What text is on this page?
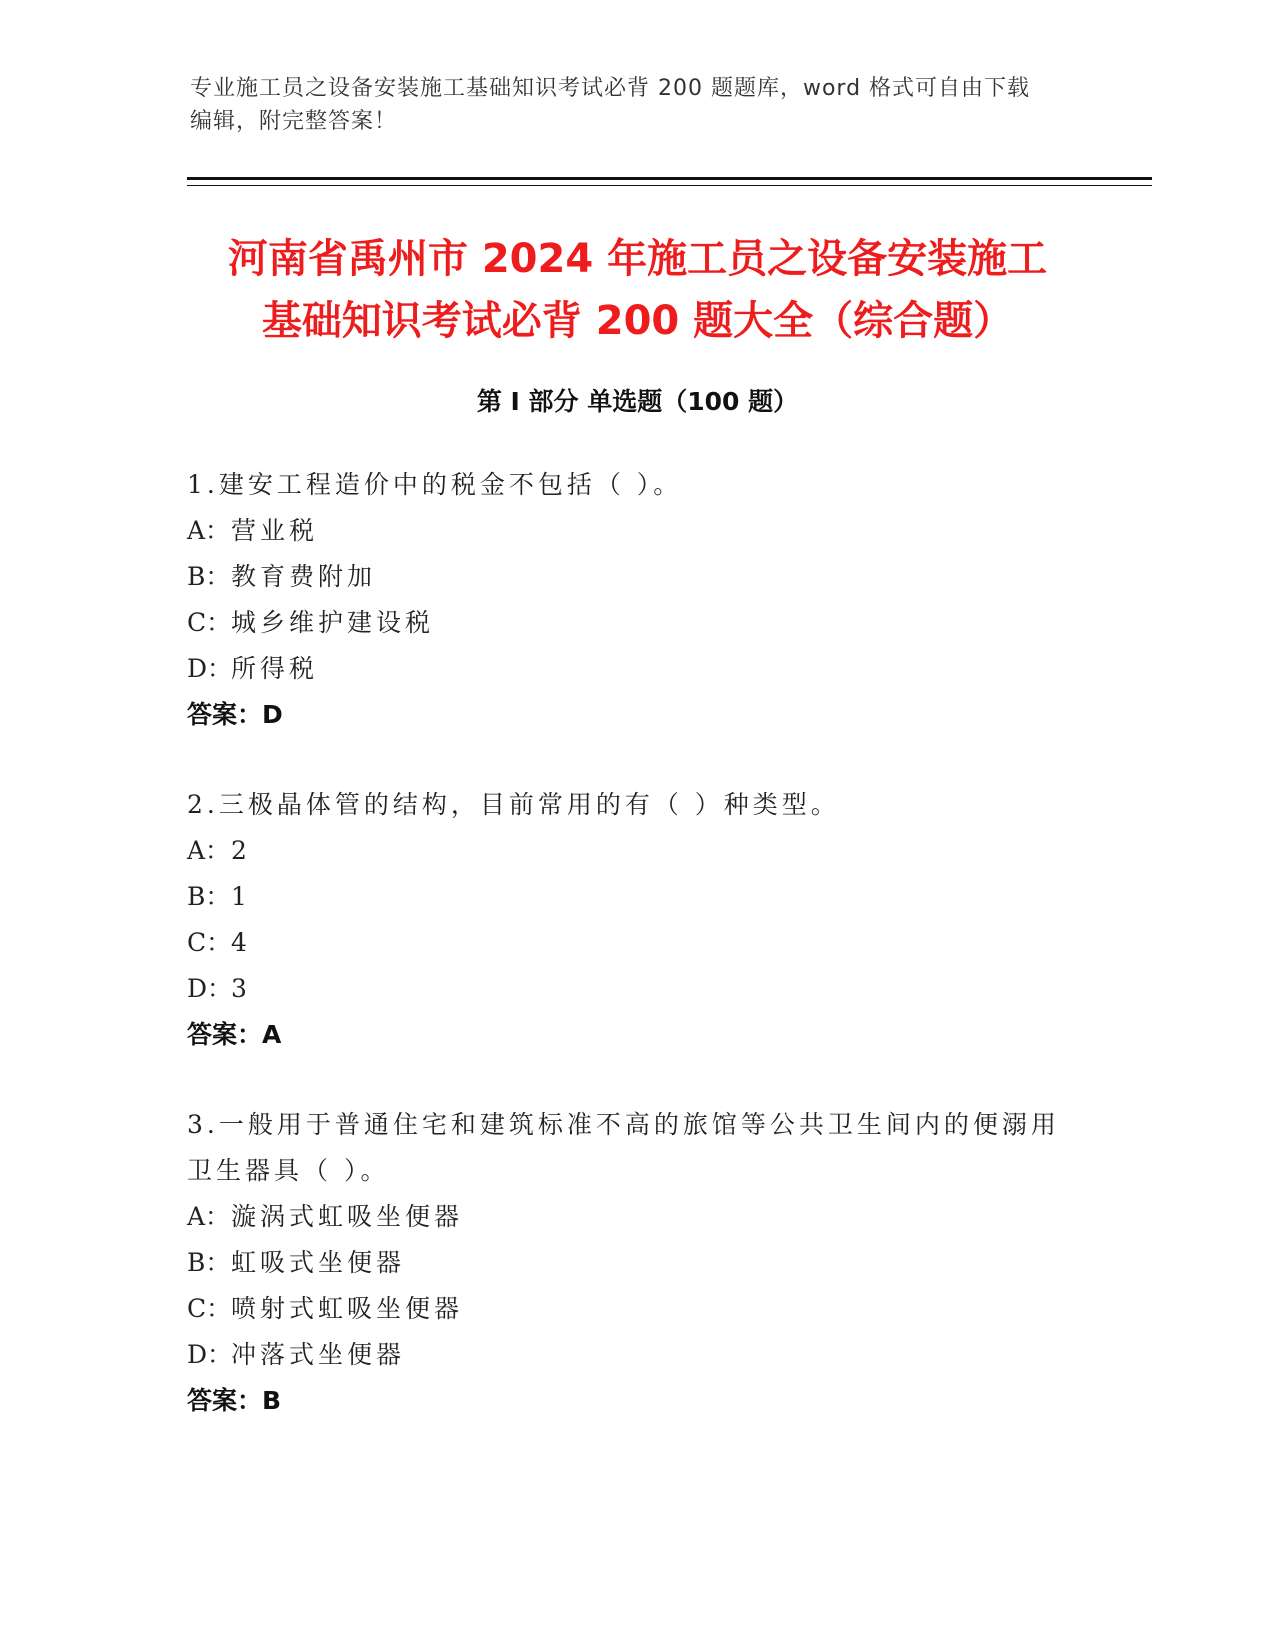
专业施工员之设备安装施工基础知识考试必背 200 题题库，word 格式可自由下载
编辑，附完整答案！
河南省禹州市 2024 年施工员之设备安装施工
基础知识考试必背 200 题大全（综合题）
第 I 部分 单选题（100 题）
1.建安工程造价中的税金不包括（ ）。
A：营业税
B：教育费附加
C：城乡维护建设税
D：所得税
答案：D
2.三极晶体管的结构，目前常用的有（ ）种类型。
A：2
B：1
C：4
D：3
答案：A
3.一般用于普通住宅和建筑标准不高的旅馆等公共卫生间内的便溺用
卫生器具（ ）。
A：漩涡式虹吸坐便器
B：虹吸式坐便器
C：喷射式虹吸坐便器
D：冲落式坐便器
答案：B
